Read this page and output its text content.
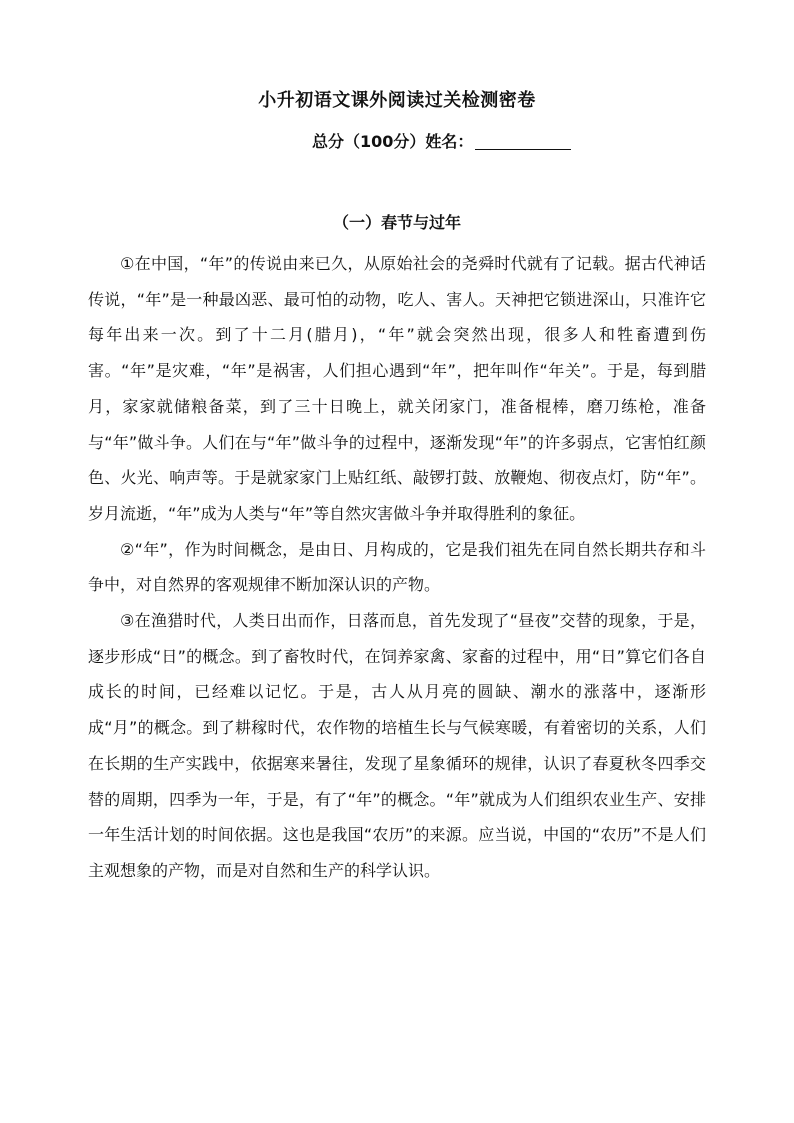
小升初语文课外阅读过关检测密卷
总分（100分）姓名：
（一）春节与过年

①在中国，“年”的传说由来已久，从原始社会的尧舜时代就有了记载。据古代神话传说，“年”是一种最凶恶、最可怕的动物，吃人、害人。天神把它锁进深山，只准许它每年出来一次。到了十二月(腊月)，“年”就会突然出现，很多人和牲畜遭到伤害。“年”是灾难，“年”是祸害，人们担心遇到“年”，把年叫作“年关”。于是，每到腊月，家家就储粮备菜，到了三十日晚上，就关闭家门，准备棍棒，磨刀练枪，准备与“年”做斗争。人们在与“年”做斗争的过程中，逐渐发现“年”的许多弱点，它害怕红颜色、火光、响声等。于是就家家门上贴红纸、敲锣打鼓、放鞭炮、彻夜点灯，防“年”。岁月流逝，“年”成为人类与“年”等自然灾害做斗争并取得胜利的象征。

②“年”，作为时间概念，是由日、月构成的，它是我们祖先在同自然长期共存和斗争中，对自然界的客观规律不断加深认识的产物。

③在渔猎时代，人类日出而作，日落而息，首先发现了“昼夜”交替的现象，于是，逐步形成“日”的概念。到了畜牧时代，在饲养家禽、家畜的过程中，用“日”算它们各自成长的时间，已经难以记忆。于是，古人从月亮的圆缺、潮水的涨落中，逐渐形成“月”的概念。到了耕稼时代，农作物的培植生长与气候寒暖，有着密切的关系，人们在长期的生产实践中，依据寒来暑往，发现了星象循环的规律，认识了春夏秋冬四季交替的周期，四季为一年，于是，有了“年”的概念。“年”就成为人们组织农业生产、安排一年生活计划的时间依据。这也是我国“农历”的来源。应当说，中国的“农历”不是人们主观想象的产物，而是对自然和生产的科学认识。
